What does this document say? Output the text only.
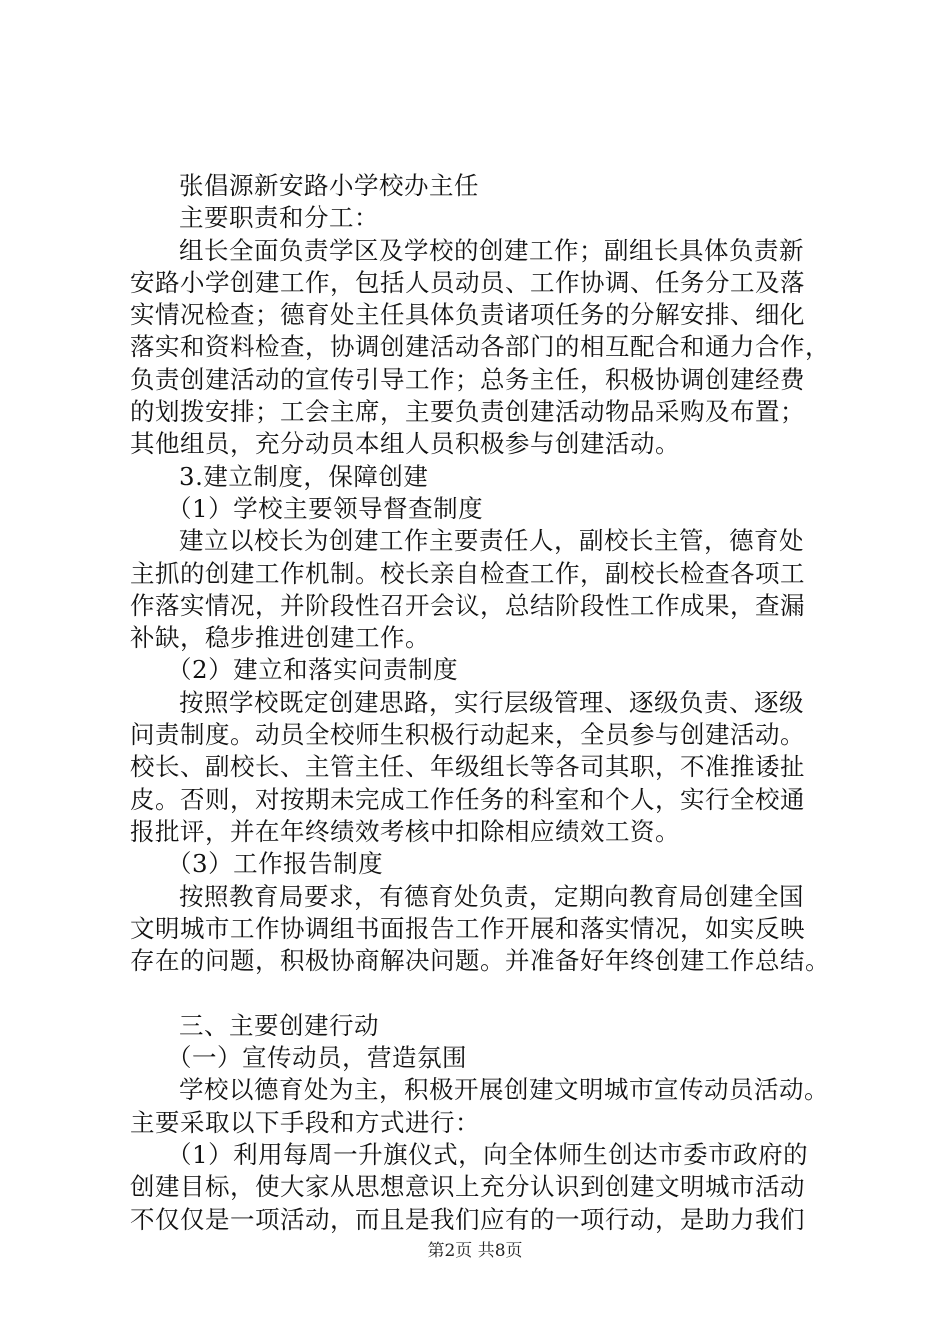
张倡源新安路小学校办主任
主要职责和分工：
组长全面负责学区及学校的创建工作；副组长具体负责新
安路小学创建工作，包括人员动员、工作协调、任务分工及落
实情况检查；德育处主任具体负责诸项任务的分解安排、细化
落实和资料检查，协调创建活动各部门的相互配合和通力合作，
负责创建活动的宣传引导工作；总务主任，积极协调创建经费
的划拨安排；工会主席，主要负责创建活动物品采购及布置；
其他组员，充分动员本组人员积极参与创建活动。
3.建立制度，保障创建
（1）学校主要领导督查制度
建立以校长为创建工作主要责任人，副校长主管，德育处
主抓的创建工作机制。校长亲自检查工作，副校长检查各项工
作落实情况，并阶段性召开会议，总结阶段性工作成果，查漏
补缺，稳步推进创建工作。
（2）建立和落实问责制度
按照学校既定创建思路，实行层级管理、逐级负责、逐级
问责制度。动员全校师生积极行动起来，全员参与创建活动。
校长、副校长、主管主任、年级组长等各司其职，不准推诿扯
皮。否则，对按期未完成工作任务的科室和个人，实行全校通
报批评，并在年终绩效考核中扣除相应绩效工资。
（3）工作报告制度
按照教育局要求，有德育处负责，定期向教育局创建全国
文明城市工作协调组书面报告工作开展和落实情况，如实反映
存在的问题，积极协商解决问题。并准备好年终创建工作总结。
三、主要创建行动
（一）宣传动员，营造氛围
学校以德育处为主，积极开展创建文明城市宣传动员活动。
主要采取以下手段和方式进行：
（1）利用每周一升旗仪式，向全体师生创达市委市政府的
创建目标，使大家从思想意识上充分认识到创建文明城市活动
不仅仅是一项活动，而且是我们应有的一项行动，是助力我们
第2页 共8页
